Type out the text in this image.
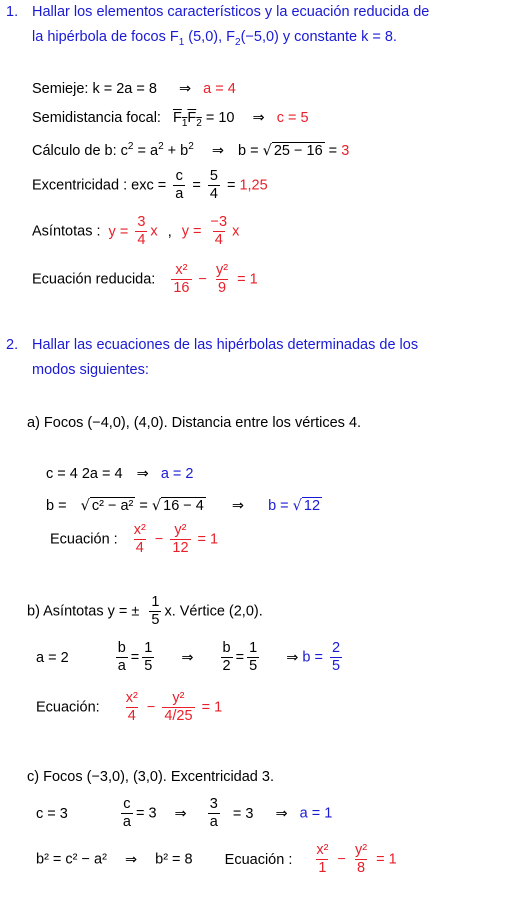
1. Hallar los elementos característicos y la ecuación reducida de
la hipérbola de focos $F_1$ (5,0), $F_2(-5,0)$ y constante k = 8.
Semieje: k = 2a = 8 ⇒ a = 4
Semidistancia focal: $F_1F_2 = 10$ ⇒ c = 5
Cálculo de b: $c^2 = a^2 + b^2$ ⇒ b = √ 25 − 16 = 3
Excentricidad : exc = $\frac{c}{a} = \frac{5}{4} = 1,25$
Asíntotas : $y = \frac{3}{4}$ x , $y = \frac{-3}{4}$ x
Ecuación reducida: $\frac{\text{x²}}{16} - \frac{\text{y²}}{9} = 1$
2. Hallar las ecuaciones de las hipérbolas determinadas de los
modos siguientes:
a) Focos (−4,0), (4,0). Distancia entre los vértices 4.
c = 4 2a = 4 ⇒ a = 2
b = √ c² − a² = √ 16 − 4 ⇒ b = √ 12
Ecuación : $\frac{\text{x²}}{4} - \frac{\text{y²}}{12} = 1$
b) Asíntotas y = ± $\frac{1}{5} x$. Vértice (2,0).
a = 2	$\frac{b}{a} = \frac{1}{5}$ ⇒ $\frac{b}{2} = \frac{1}{5}$ ⇒ $b = \frac{2}{5}$
Ecuación: $\frac{\text{x²}}{4} - \frac{\text{y²}}{4/25} = 1$
c) Focos (−3,0), (3,0). Excentricidad 3.
c = 3	$\frac{c}{a} = 3$ ⇒ $\frac{3}{a} = 3$ ⇒ a = 1
b² = c² − a² ⇒ b² = 8 Ecuación : $\frac{\text{x²}}{1} - \frac{\text{y²}}{8} = 1$
